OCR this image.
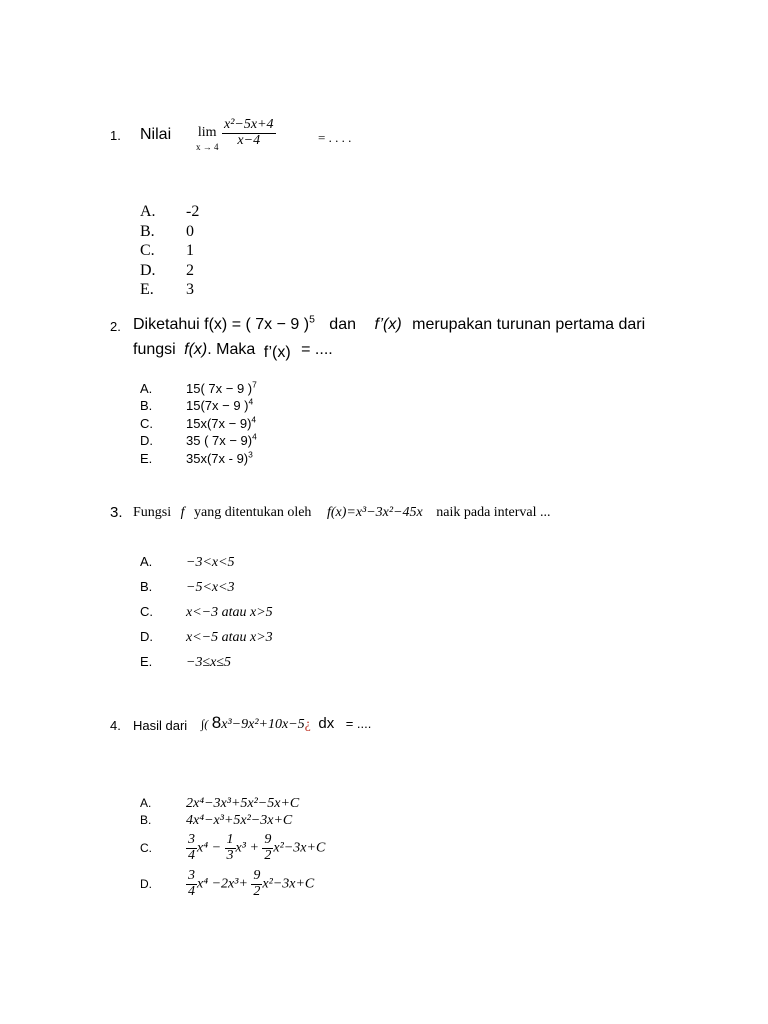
1. Nilai lim
$x \to 4 \frac{\text{x²−5x+4}}{x-4}$	= . . . .
A. -2
B. 0
C. 1
D. 2
E. 3
2. Diketahui f(x) = ( 7x − 9 )$^5$ dan f’(x) merupakan turunan pertama dari
fungsi f(x). Maka f’(x) = ....
A.	15( 7x − 9 )$^7$
B.	15(7x − 9 )$^4$
C.	$15x(7x - 9)^4$
D.	35 ( 7x − 9)$^4$
E.	35x(7x - 9)$^3$
3. Fungsi f yang ditentukan oleh f(x)=x³−3x²−45x naik pada interval ...
A. −3<x<5
B. −5<x<3
C. x<−3 atau x>5
D. x<−5 atau x>3
E. −3≤x≤5
4. Hasil dari ∫( 8x³−9x²+10x−5¿ dx = ....
A. 2x⁴−3x³+5x²−5x+C
B. 4x⁴−x³+5x²−3x+C
C.	$\frac{3}{4} x^4 - \frac{1}{3} x^3 + \frac{9}{2} x^2-3x+C$
D.	$\frac{3}{4} x^4 -2x^3+ \frac{9}{2} x^2-3x+C$
